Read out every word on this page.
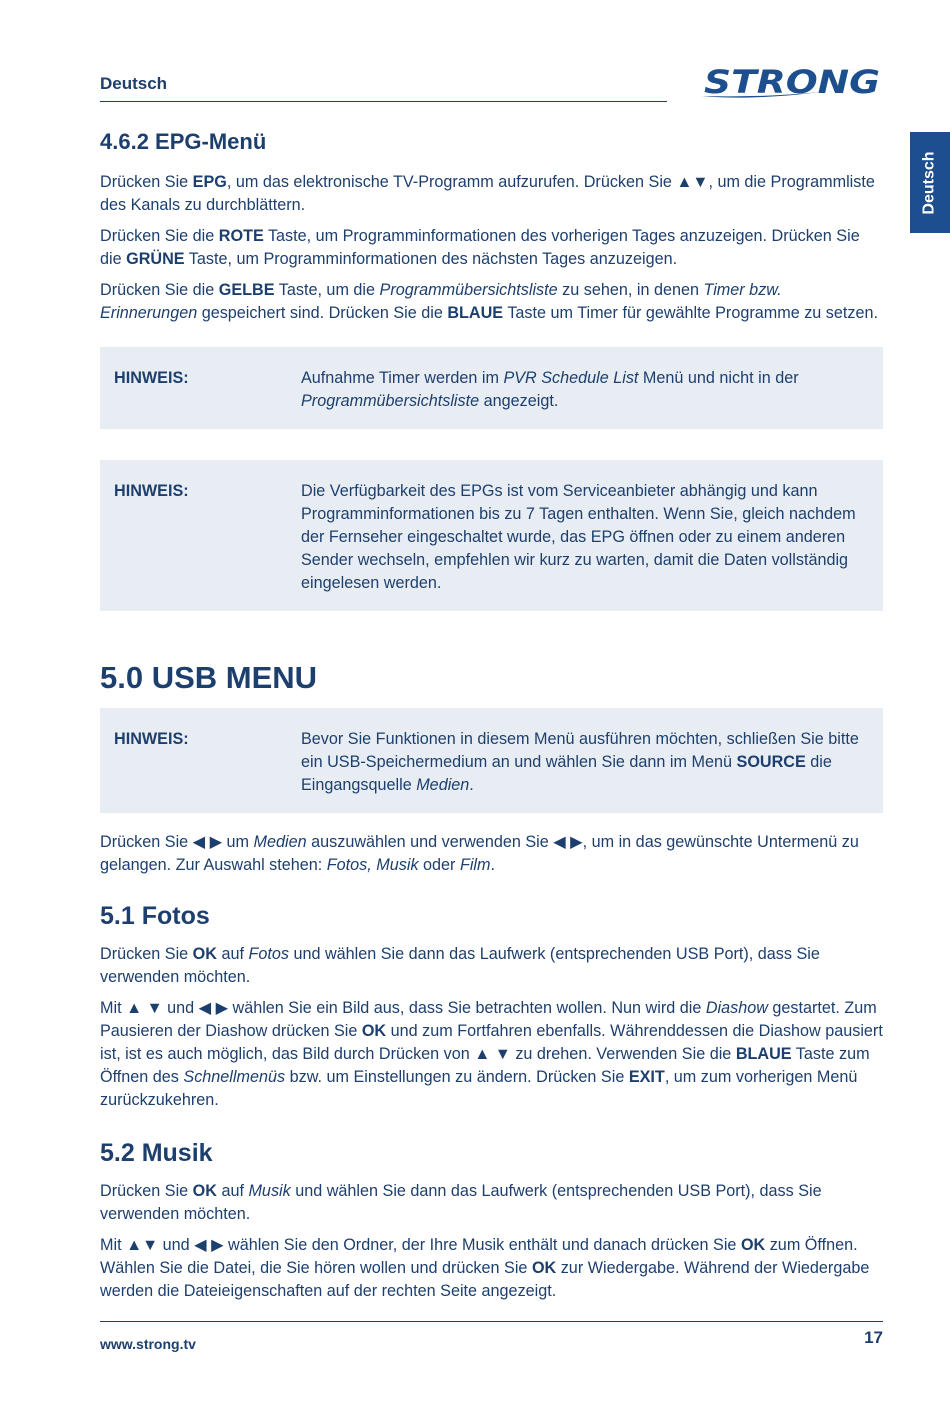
Deutsch	STRONG
Deutsch
4.6.2 EPG-Menü

Drücken Sie EPG, um das elektronische TV-Programm aufzurufen. Drücken Sie ▲▼, um die Programmliste des Kanals zu durchblättern.

Drücken Sie die ROTE Taste, um Programminformationen des vorherigen Tages anzuzeigen. Drücken Sie die GRÜNE Taste, um Programminformationen des nächsten Tages anzuzeigen.

Drücken Sie die GELBE Taste, um die Programmübersichtsliste zu sehen, in denen Timer bzw. Erinnerungen gespeichert sind. Drücken Sie die BLAUE Taste um Timer für gewählte Programme zu setzen.

HINWEIS:	Aufnahme Timer werden im PVR Schedule List Menü und nicht in der Programmübersichtsliste angezeigt.
HINWEIS:	Die Verfügbarkeit des EPGs ist vom Serviceanbieter abhängig und kann Programminformationen bis zu 7 Tagen enthalten. Wenn Sie, gleich nachdem der Fernseher eingeschaltet wurde, das EPG öffnen oder zu einem anderen Sender wechseln, empfehlen wir kurz zu warten, damit die Daten vollständig eingelesen werden.
5.0 USB MENU
HINWEIS:	Bevor Sie Funktionen in diesem Menü ausführen möchten, schließen Sie bitte ein USB-Speichermedium an und wählen Sie dann im Menü SOURCE die Eingangsquelle Medien.

Drücken Sie ◀ ▶ um Medien auszuwählen und verwenden Sie ◀ ▶, um in das gewünschte Untermenü zu gelangen. Zur Auswahl stehen: Fotos, Musik oder Film.

5.1 Fotos

Drücken Sie OK auf Fotos und wählen Sie dann das Laufwerk (entsprechenden USB Port), dass Sie verwenden möchten.

Mit ▲ ▼ und ◀ ▶ wählen Sie ein Bild aus, dass Sie betrachten wollen. Nun wird die Diashow gestartet. Zum Pausieren der Diashow drücken Sie OK und zum Fortfahren ebenfalls. Währenddessen die Diashow pausiert ist, ist es auch möglich, das Bild durch Drücken von ▲ ▼ zu drehen. Verwenden Sie die BLAUE Taste zum Öffnen des Schnellmenüs bzw. um Einstellungen zu ändern. Drücken Sie EXIT, um zum vorherigen Menü zurückzukehren.

5.2 Musik

Drücken Sie OK auf Musik und wählen Sie dann das Laufwerk (entsprechenden USB Port), dass Sie verwenden möchten.

Mit ▲▼ und ◀ ▶ wählen Sie den Ordner, der Ihre Musik enthält und danach drücken Sie OK zum Öffnen. Wählen Sie die Datei, die Sie hören wollen und drücken Sie OK zur Wiedergabe. Während der Wiedergabe werden die Dateieigenschaften auf der rechten Seite angezeigt.

www.strong.tv	17
